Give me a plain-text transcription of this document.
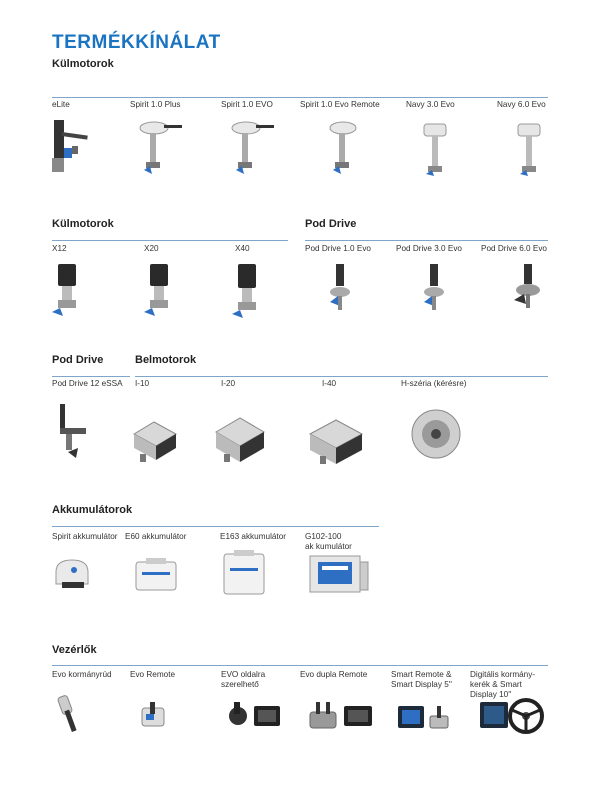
TERMÉKKÍNÁLAT
Külmotorok
eLite	Spirit 1.0 Plus	Spirit 1.0 EVO	Spirit 1.0 Evo Remote	Navy 3.0 Evo	Navy 6.0 Evo
Külmotorok	Pod Drive
X12	X20	X40	Pod Drive 1.0 Evo	Pod Drive 3.0 Evo Pod Drive 6.0 Evo
Pod Drive	Belmotorok
Pod Drive 12 eSSA I-10	I-20	I-40	H-széria (kérésre)
Akkumulátorok
Spirit akkumulátor E60 akkumulátor	E163 akkumulátor G102-100
ak kumulátor
Vezérlők
Evo kormányrúd Evo Remote	EVO oldalra
szerelhető
Evo dupla Remote	Smart Remote &
Smart Display 5''
Digitális kormány-
kerék & Smart
Display 10''
